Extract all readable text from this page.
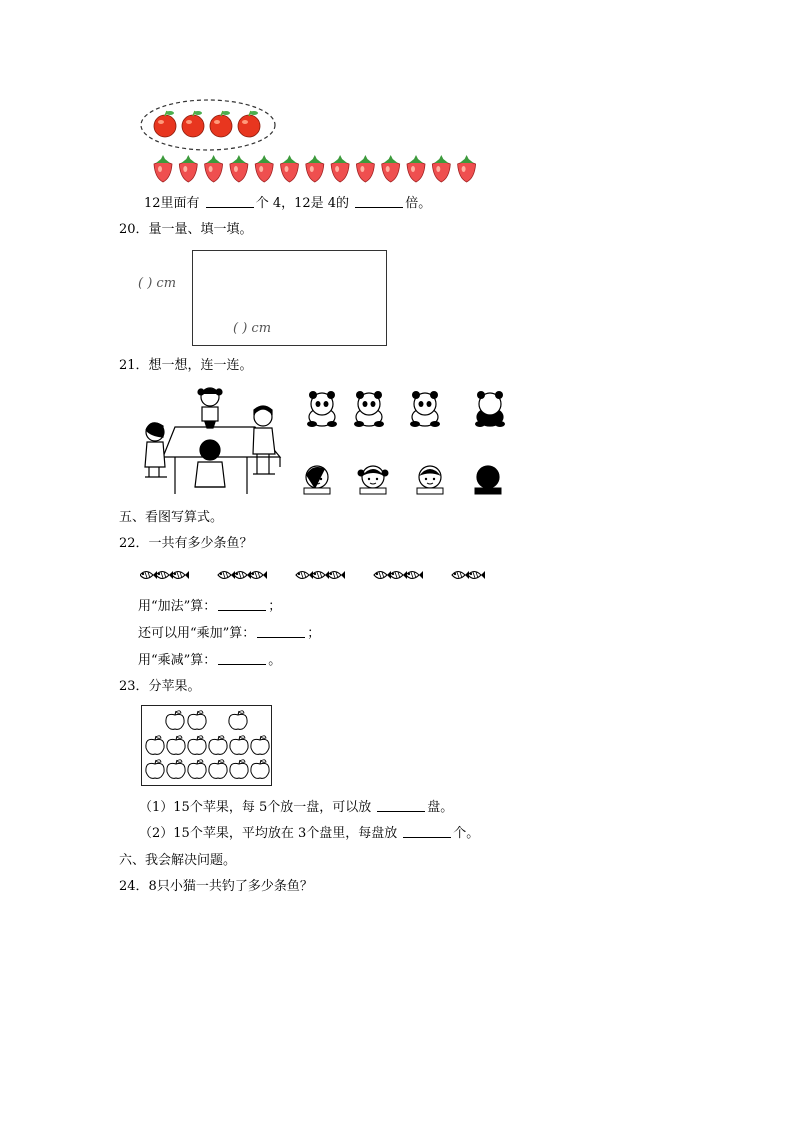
12里面有	个 4，12是 4的	倍。
20．量一量、填一填。
( ) cm
( ) cm
21．想一想，连一连。
五、看图写算式。
22．一共有多少条鱼？
用“加法”算：	；
还可以用“乘加”算：	；
用“乘减”算：	。
23．分苹果。
（1）15个苹果，每 5个放一盘，可以放	盘。
（2）15个苹果，平均放在 3个盘里，每盘放	个。
六、我会解决问题。
24．8只小猫一共钓了多少条鱼？
